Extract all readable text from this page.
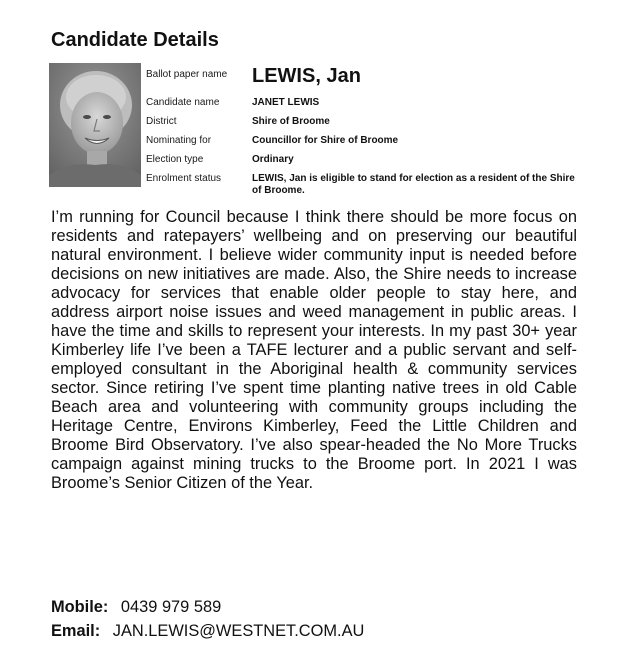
Candidate Details
Ballot paper name	LEWIS, Jan
Candidate name	JANET LEWIS
District	Shire of Broome
Nominating for	Councillor for Shire of Broome
Election type	Ordinary
Enrolment status	LEWIS, Jan is eligible to stand for election as a resident of the Shire of Broome.

I’m running for Council because I think there should be more focus on residents and ratepayers’ wellbeing and on preserving our beautiful natural environment. I believe wider community input is needed before decisions on new initiatives are made. Also, the Shire needs to increase advocacy for services that enable older people to stay here, and address airport noise issues and weed management in public areas. I have the time and skills to represent your interests. In my past 30+ year Kimberley life I’ve been a TAFE lecturer and a public servant and self-employed consultant in the Aboriginal health & community services sector. Since retiring I’ve spent time planting native trees in old Cable Beach area and volunteering with community groups including the Heritage Centre, Environs Kimberley, Feed the Little Children and Broome Bird Observatory. I’ve also spear-headed the No More Trucks campaign against mining trucks to the Broome port. In 2021 I was Broome’s Senior Citizen of the Year.

Mobile: 0439 979 589
Email: JAN.LEWIS@WESTNET.COM.AU
